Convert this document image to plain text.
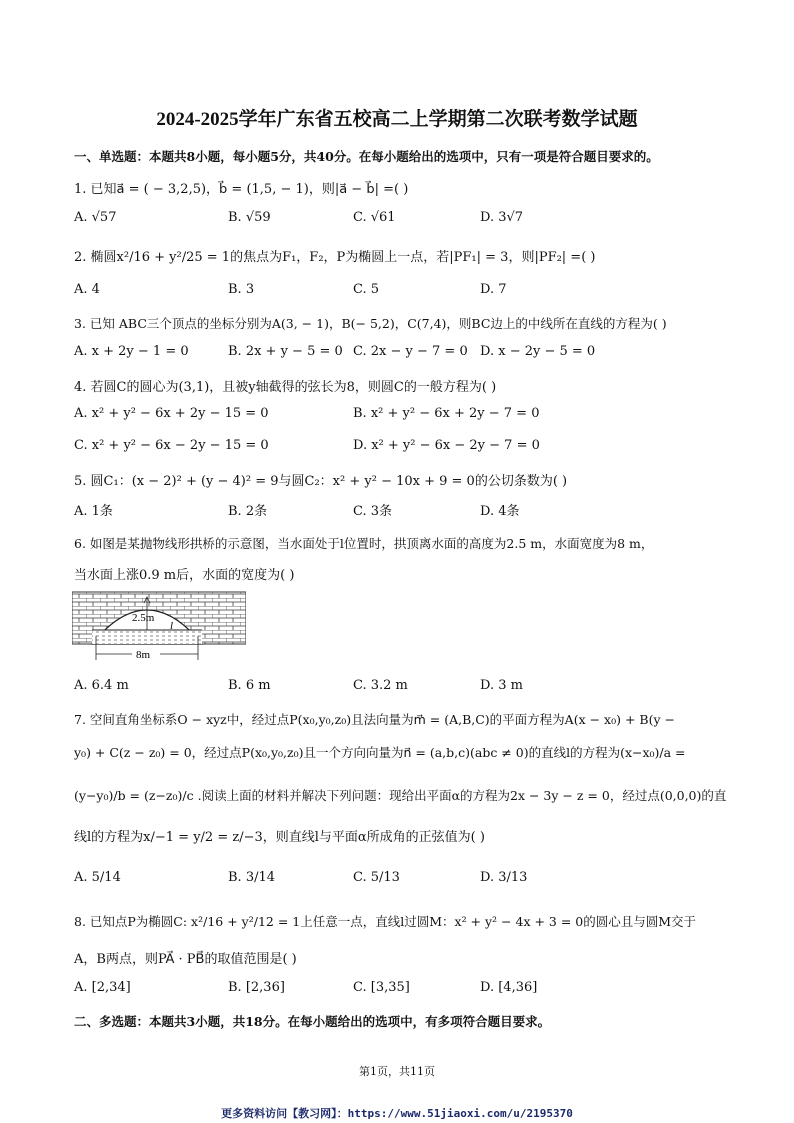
2024-2025学年广东省五校高二上学期第二次联考数学试题
一、单选题：本题共8小题，每小题5分，共40分。在每小题给出的选项中，只有一项是符合题目要求的。
1. 已知a⃗ = ( − 3,2,5)，b⃗ = (1,5, − 1)，则|a⃗ − b⃗| =( )
A. √57	B. √59	C. √61	D. 3√7
2. 椭圆x²/16 + y²/25 = 1的焦点为F₁，F₂，P为椭圆上一点，若|PF₁| = 3，则|PF₂| =( )
A. 4	B. 3	C. 5	D. 7
3. 已知 ABC三个顶点的坐标分别为A(3, − 1)，B(− 5,2)，C(7,4)，则BC边上的中线所在直线的方程为( )
A. x + 2y − 1 = 0	B. 2x + y − 5 = 0 C. 2x − y − 7 = 0 D. x − 2y − 5 = 0
4. 若圆C的圆心为(3,1)，且被y轴截得的弦长为8，则圆C的一般方程为( )
A. x² + y² − 6x + 2y − 15 = 0	B. x² + y² − 6x + 2y − 7 = 0
C. x² + y² − 6x − 2y − 15 = 0	D. x² + y² − 6x − 2y − 7 = 0
5. 圆C₁：(x − 2)² + (y − 4)² = 9与圆C₂：x² + y² − 10x + 9 = 0的公切条数为( )
A. 1条	B. 2条	C. 3条	D. 4条
6. 如图是某抛物线形拱桥的示意图，当水面处于l位置时，拱顶离水面的高度为2.5 m，水面宽度为8 m，
当水面上涨0.9 m后，水面的宽度为( )
2.5m
l
8m
A. 6.4 m	B. 6 m	C. 3.2 m	D. 3 m
7. 空间直角坐标系O − xyz中，经过点P(x₀,y₀,z₀)且法向量为m⃗ = (A,B,C)的平面方程为A(x − x₀) + B(y −
y₀) + C(z − z₀) = 0，经过点P(x₀,y₀,z₀)且一个方向向量为n⃗ = (a,b,c)(abc ≠ 0)的直线l的方程为(x−x₀)/a =
(y−y₀)/b = (z−z₀)/c .阅读上面的材料并解决下列问题：现给出平面α的方程为2x − 3y − z = 0，经过点(0,0,0)的直
线l的方程为x/−1 = y/2 = z/−3，则直线l与平面α所成角的正弦值为( )
A. 5/14	B. 3/14	C. 5/13	D. 3/13
8. 已知点P为椭圆C: x²/16 + y²/12 = 1上任意一点，直线l过圆M：x² + y² − 4x + 3 = 0的圆心且与圆M交于
A，B两点，则PA⃗ · PB⃗的取值范围是( )
A. [2,34]	B. [2,36]	C. [3,35]	D. [4,36]
二、多选题：本题共3小题，共18分。在每小题给出的选项中，有多项符合题目要求。
第1页，共11页
更多资料访问【教习网】：https://www.51jiaoxi.com/u/2195370
